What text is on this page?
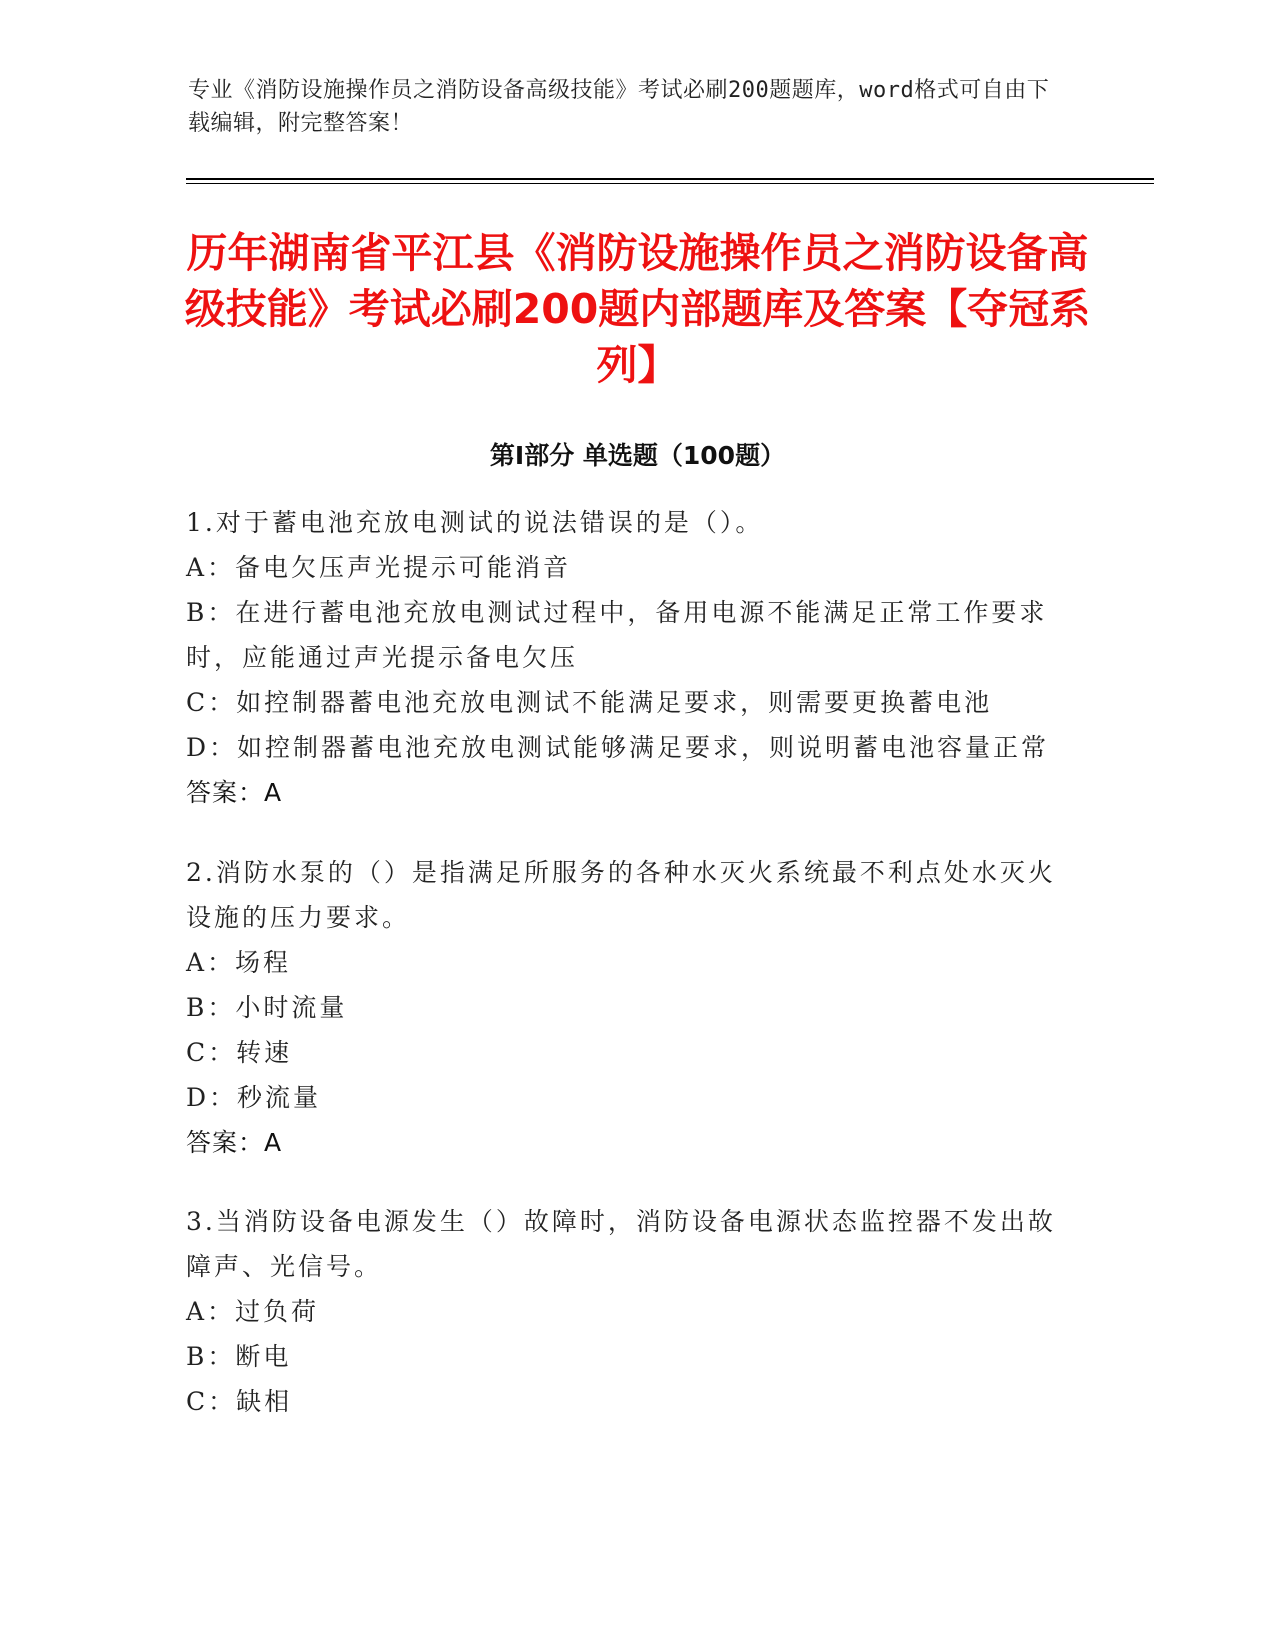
专业《消防设施操作员之消防设备高级技能》考试必刷200题题库，word格式可自由下载编辑，附完整答案！
历年湖南省平江县《消防设施操作员之消防设备高级技能》考试必刷200题内部题库及答案【夺冠系列】
第Ⅰ部分 单选题（100题）

1.对于蓄电池充放电测试的说法错误的是（）。

A：备电欠压声光提示可能消音

B：在进行蓄电池充放电测试过程中，备用电源不能满足正常工作要求时，应能通过声光提示备电欠压

C：如控制器蓄电池充放电测试不能满足要求，则需要更换蓄电池

D：如控制器蓄电池充放电测试能够满足要求，则说明蓄电池容量正常

答案：A

2.消防水泵的（）是指满足所服务的各种水灭火系统最不利点处水灭火设施的压力要求。

A：场程

B：小时流量

C：转速

D：秒流量

答案：A

3.当消防设备电源发生（）故障时，消防设备电源状态监控器不发出故障声、光信号。

A：过负荷

B：断电

C：缺相
